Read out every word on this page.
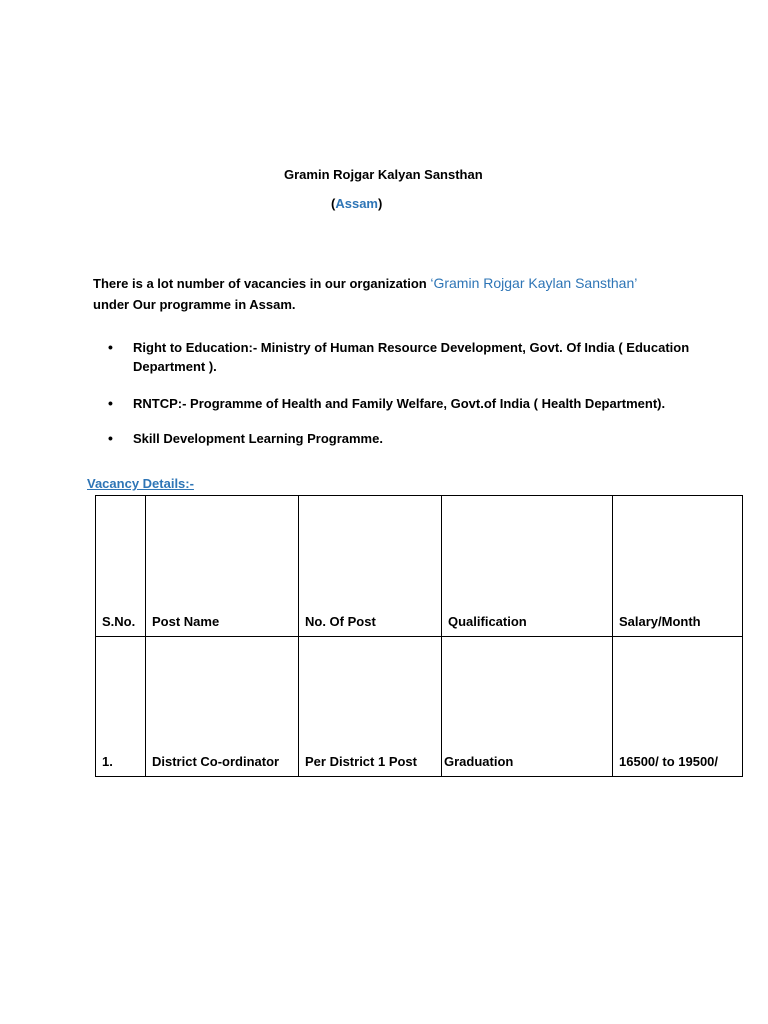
Gramin Rojgar Kalyan Sansthan
(Assam)
There is a lot number of vacancies in our organization ‘Gramin Rojgar Kaylan Sansthan’
under Our programme in Assam.
• Right to Education:- Ministry of Human Resource Development, Govt. Of India ( Education Department ).
• RNTCP:- Programme of Health and Family Welfare, Govt.of India ( Health Department).
• Skill Development Learning Programme.
Vacancy Details:-
S.No.	Post Name	No. Of Post	Qualification	Salary/Month
1.	District Co-ordinator	Per District 1 Post	Graduation	16500/ to 19500/
